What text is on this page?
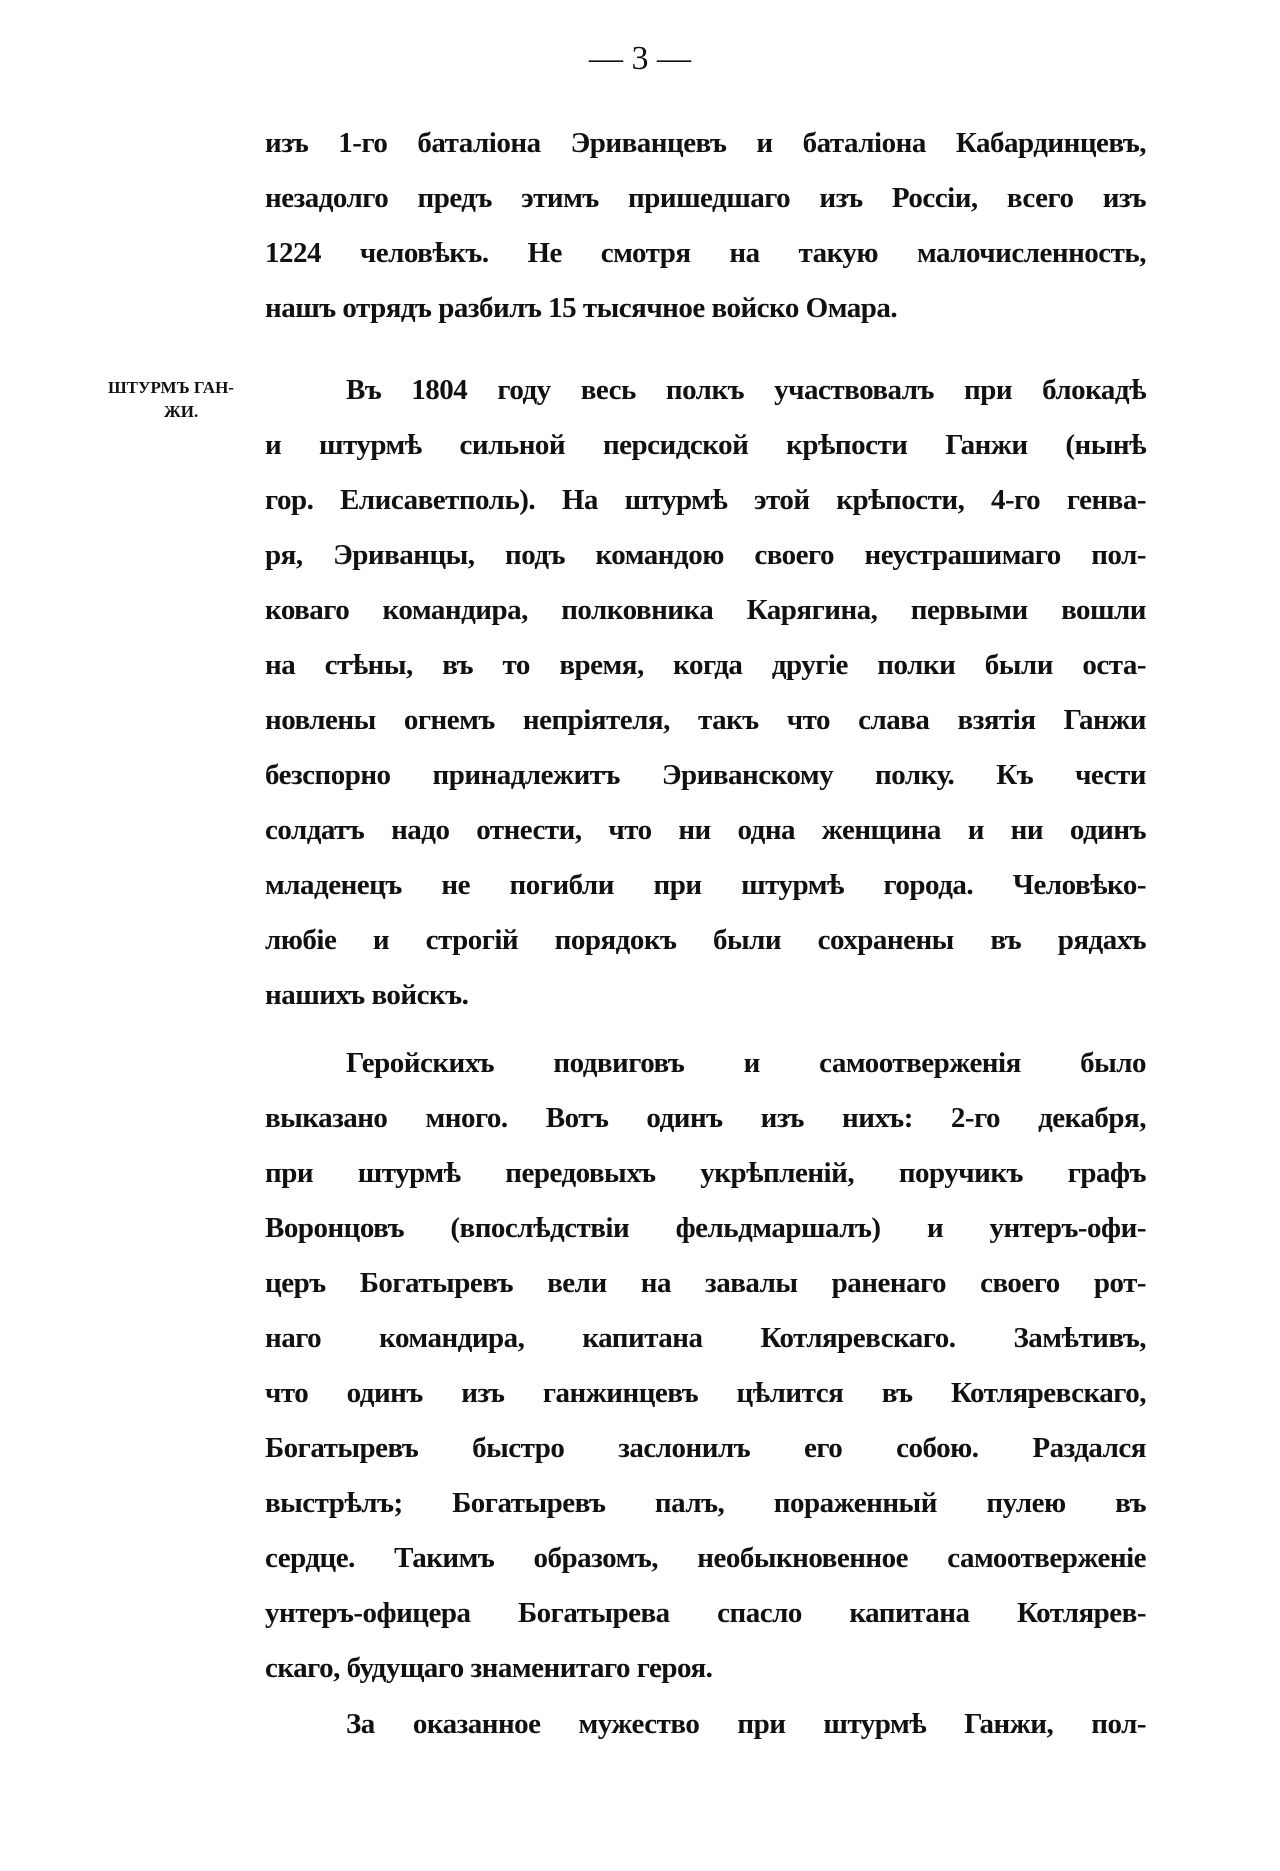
— 3 —
ШТУРМЪ ГАН-
ЖИ.
изъ 1-го баталіона Эриванцевъ и баталіона Кабардинцевъ,
незадолго предъ этимъ пришедшаго изъ Россіи, всего изъ
1224 человѣкъ. Не смотря на такую малочисленность,
нашъ отрядъ разбилъ 15 тысячное войско Омара.
Въ 1804 году весь полкъ участвовалъ при блокадѣ
и штурмѣ сильной персидской крѣпости Ганжи (нынѣ
гор. Елисаветполь). На штурмѣ этой крѣпости, 4-го генва-
ря, Эриванцы, подъ командою своего неустрашимаго пол-
коваго командира, полковника Карягина, первыми вошли
на стѣны, въ то время, когда другіе полки были оста-
новлены огнемъ непріятеля, такъ что слава взятія Ганжи
безспорно принадлежитъ Эриванскому полку. Къ чести
солдатъ надо отнести, что ни одна женщина и ни одинъ
младенецъ не погибли при штурмѣ города. Человѣко-
любіе и строгій порядокъ были сохранены въ рядахъ
нашихъ войскъ.
Геройскихъ подвиговъ и самоотверженія было
выказано много. Вотъ одинъ изъ нихъ: 2-го декабря,
при штурмѣ передовыхъ укрѣпленій, поручикъ графъ
Воронцовъ (впослѣдствіи фельдмаршалъ) и унтеръ-офи-
церъ Богатыревъ вели на завалы раненаго своего рот-
наго командира, капитана Котляревскаго. Замѣтивъ,
что одинъ изъ ганжинцевъ цѣлится въ Котляревскаго,
Богатыревъ быстро заслонилъ его собою. Раздался
выстрѣлъ; Богатыревъ палъ, пораженный пулею въ
сердце. Такимъ образомъ, необыкновенное самоотверженіе
унтеръ-офицера Богатырева спасло капитана Котлярев-
скаго, будущаго знаменитаго героя.
За оказанное мужество при штурмѣ Ганжи, пол-
